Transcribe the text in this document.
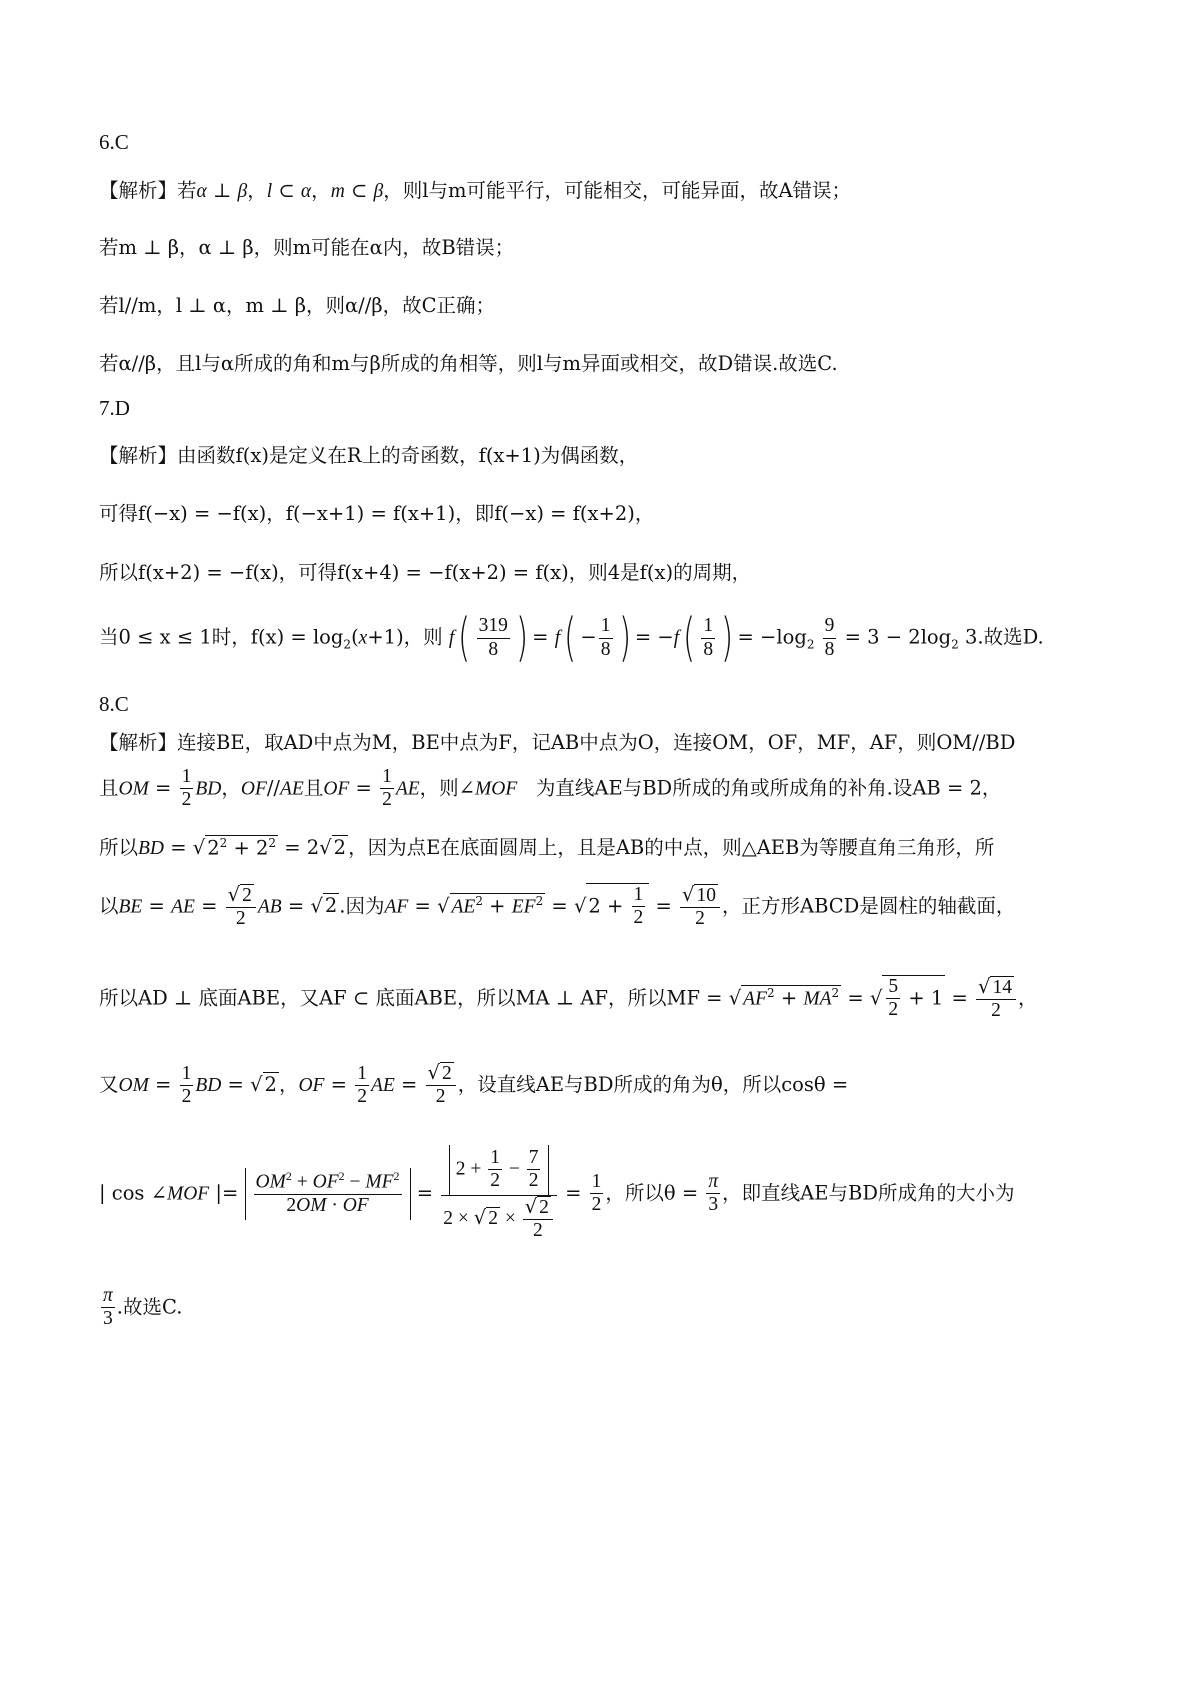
6.C
【解析】若α ⊥ β，l ⊂ α，m ⊂ β，则l与m可能平行，可能相交，可能异面，故A错误；
若m ⊥ β，α ⊥ β，则m可能在α内，故B错误；
若l//m，l ⊥ α，m ⊥ β，则α//β，故C正确；
若α//β，且l与α所成的角和m与β所成的角相等，则l与m异面或相交，故D错误.故选C.
7.D
【解析】由函数f(x)是定义在R上的奇函数，f(x+1)为偶函数，
可得f(−x) = −f(x)，f(−x+1) = f(x+1)，即f(−x) = f(x+2)，
所以f(x+2) = −f(x)，可得f(x+4) = −f(x+2) = f(x)，则4是f(x)的周期，
当0 ≤ x ≤ 1时，$f(x) = \log_2(x+1)$，则 $f( \frac{319}{8}$ ) = $f( - \frac{1}{8}$ ) = $-f( \frac{1}{8}$ ) = $-\log_2 \frac{9}{8} = 3 - 2\log_2$ 3.故选D.
8.C
【解析】连接BE，取AD中点为M，BE中点为F，记AB中点为O，连接OM，OF，MF，AF，则OM//BD
且OM = $\frac{1}{2}$ BD，OF//AE且OF = $\frac{1}{2}$ AE，则∠MOF 为直线AE与BD所成的角或所成角的补角.设AB = 2，
所以BD = √ $2^2 + 2^2 = 2√$ 2 ，因为点E在底面圆周上，且是AB的中点，则△AEB为等腰直角三角形，所
以BE = AE = $\frac{√ 2}{2}$ AB = √ 2 .因为AF = √ $AE^2 + EF^2$ = √ $2 + \frac{1}{2} = \frac{√ 10}{2}$ ，正方形ABCD是圆柱的轴截面，
所以AD ⊥ 底面ABE，又AF ⊂ 底面ABE，所以MA ⊥ AF，所以MF = √ $AF^2 + MA^2$ = √ $\frac{5}{2} + 1 = \frac{√ 14}{2}$ ，
又OM = $\frac{1}{2}$ BD = √ 2 ，OF = $\frac{1}{2}$ AE = $\frac{√ 2}{2}$ ，设直线AE与BD所成的角为θ，所以cosθ =
| cos ∠MOF |= $\frac{OM^2 + OF^2 - MF^2}{2OM \cdot OF} = \frac{2 + \frac{1}{2} - \frac{7}{2}}{2 \times √ 2 \times \frac{√ 2}{2}} = \frac{1}{2}$ ，所以$\theta = \frac{\pi}{3}$ ，即直线AE与BD所成角的大小为
$\frac{\pi}{3}$ .故选C.
